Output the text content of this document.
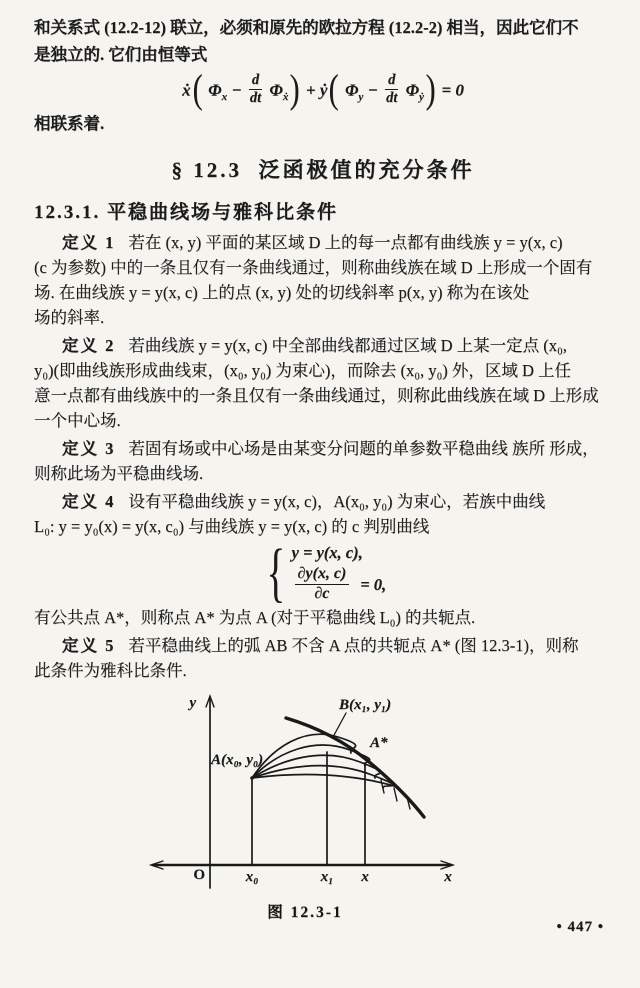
和关系式 (12.2-12) 联立，必须和原先的欧拉方程 (12.2-2) 相当，因此它们不
是独立的. 它们由恒等式
ẋ( $\Phi_x - \frac{d}{dt} \Phi_ẋ$) + ẏ( $\Phi_y - \frac{d}{dt} \Phi_ẏ) = 0$
相联系着.
§ 12.3 泛函极值的充分条件
12.3.1. 平稳曲线场与雅科比条件
定义 1 若在 (x, y) 平面的某区域 D 上的每一点都有曲线族 y = y(x, c)
(c 为参数) 中的一条且仅有一条曲线通过，则称曲线族在域 D 上形成一个固有
场. 在曲线族 y = y(x, c) 上的点 (x, y) 处的切线斜率 p(x, y) 称为在该处
场的斜率.
定义 2 若曲线族 y = y(x, c) 中全部曲线都通过区域 D 上某一定点 (x₀,
y₀)(即曲线族形成曲线束，(x₀, y₀) 为束心)，而除去 (x₀, y₀) 外，区域 D 上任
意一点都有曲线族中的一条且仅有一条曲线通过，则称此曲线族在域 D 上形成
一个中心场.
定义 3 若固有场或中心场是由某变分问题的单参数平稳曲线 族所 形成，
则称此场为平稳曲线场.
定义 4 设有平稳曲线族 y = y(x, c)，A(x₀, y₀) 为束心，若族中曲线
L₀: y = y₀(x) = y(x, c₀) 与曲线族 y = y(x, c) 的 c 判别曲线
{ y = y(x, c),
$\frac{\partial y(x, c)}{\partial c} = 0$,
有公共点 A*，则称点 A* 为点 A (对于平稳曲线 L₀) 的共轭点.
定义 5 若平稳曲线上的弧 AB 不含 A 点的共轭点 A* (图 12.3-1)，则称
此条件为雅科比条件.
y
x
O	x₀	x₁ x
A(x₀, y₀)
B(x₁, y₁)
A*
图 12.3-1
• 447 •
